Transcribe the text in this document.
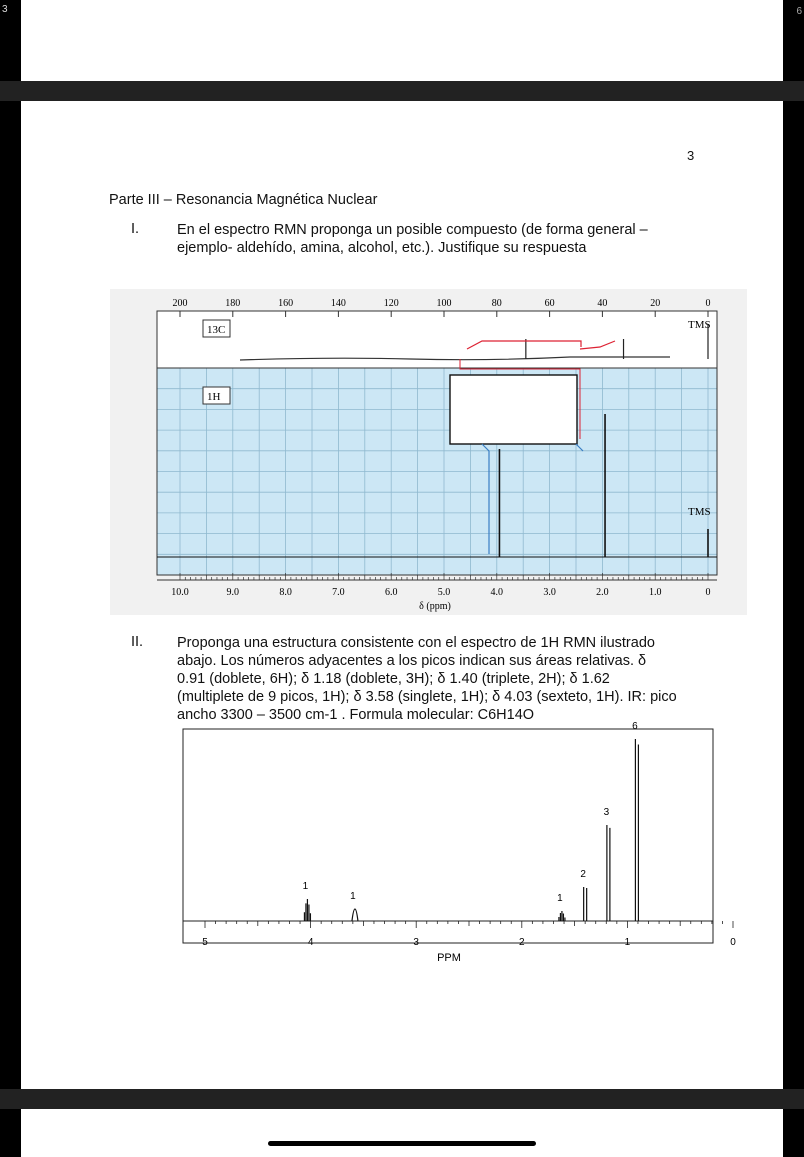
3	6
3
Parte III – Resonancia Magnética Nuclear
I.	En el espectro RMN proponga un posible compuesto (de forma general –
ejemplo- aldehído, amina, alcohol, etc.). Justifique su respuesta
200	180	160	140	120	100	80	60	40	20	0
13C	TMS
1H
TMS
10.0	9.0	8.0	7.0	6.0	5.0	4.0	3.0	2.0	1.0	0
δ (ppm)
II. Proponga una estructura consistente con el espectro de 1H RMN ilustrado
abajo. Los números adyacentes a los picos indican sus áreas relativas. δ
0.91 (doblete, 6H); δ 1.18 (doblete, 3H); δ 1.40 (triplete, 2H); δ 1.62
(multiplete de 9 picos, 1H); δ 3.58 (singlete, 1H); δ 4.03 (sexteto, 1H). IR: pico
ancho 3300 – 3500 cm-1 . Formula molecular: C6H14O
1
1	1
2
3
6
5	4	3	2	1	0
PPM
